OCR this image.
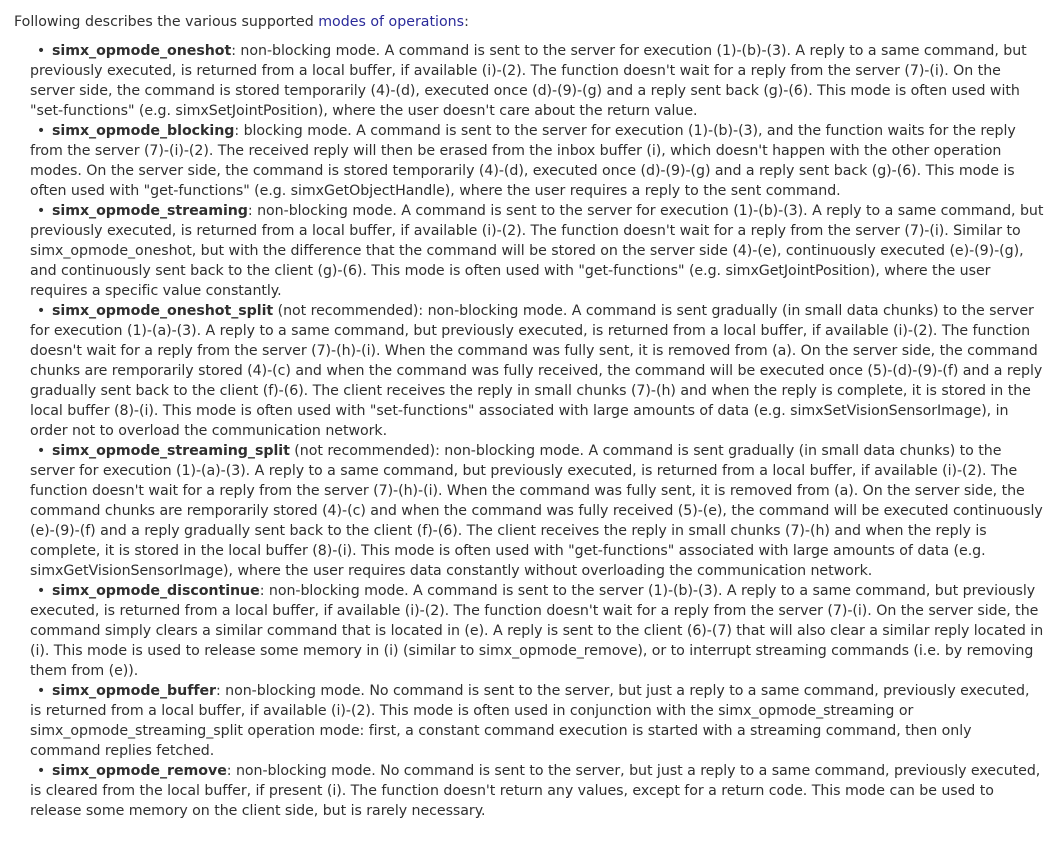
Following describes the various supported modes of operations:

• simx_opmode_oneshot: non-blocking mode. A command is sent to the server for execution (1)-(b)-(3). A reply to a same command, but previously executed, is returned from a local buffer, if available (i)-(2). The function doesn't wait for a reply from the server (7)-(i). On the server side, the command is stored temporarily (4)-(d), executed once (d)-(9)-(g) and a reply sent back (g)-(6). This mode is often used with "set-functions" (e.g. simxSetJointPosition), where the user doesn't care about the return value.
• simx_opmode_blocking: blocking mode. A command is sent to the server for execution (1)-(b)-(3), and the function waits for the reply from the server (7)-(i)-(2). The received reply will then be erased from the inbox buffer (i), which doesn't happen with the other operation modes. On the server side, the command is stored temporarily (4)-(d), executed once (d)-(9)-(g) and a reply sent back (g)-(6). This mode is often used with "get-functions" (e.g. simxGetObjectHandle), where the user requires a reply to the sent command.
• simx_opmode_streaming: non-blocking mode. A command is sent to the server for execution (1)-(b)-(3). A reply to a same command, but previously executed, is returned from a local buffer, if available (i)-(2). The function doesn't wait for a reply from the server (7)-(i). Similar to simx_opmode_oneshot, but with the difference that the command will be stored on the server side (4)-(e), continuously executed (e)-(9)-(g), and continuously sent back to the client (g)-(6). This mode is often used with "get-functions" (e.g. simxGetJointPosition), where the user requires a specific value constantly.
• simx_opmode_oneshot_split (not recommended): non-blocking mode. A command is sent gradually (in small data chunks) to the server for execution (1)-(a)-(3). A reply to a same command, but previously executed, is returned from a local buffer, if available (i)-(2). The function doesn't wait for a reply from the server (7)-(h)-(i). When the command was fully sent, it is removed from (a). On the server side, the command chunks are remporarily stored (4)-(c) and when the command was fully received, the command will be executed once (5)-(d)-(9)-(f) and a reply gradually sent back to the client (f)-(6). The client receives the reply in small chunks (7)-(h) and when the reply is complete, it is stored in the local buffer (8)-(i). This mode is often used with "set-functions" associated with large amounts of data (e.g. simxSetVisionSensorImage), in order not to overload the communication network.
• simx_opmode_streaming_split (not recommended): non-blocking mode. A command is sent gradually (in small data chunks) to the server for execution (1)-(a)-(3). A reply to a same command, but previously executed, is returned from a local buffer, if available (i)-(2). The function doesn't wait for a reply from the server (7)-(h)-(i). When the command was fully sent, it is removed from (a). On the server side, the command chunks are remporarily stored (4)-(c) and when the command was fully received (5)-(e), the command will be executed continuously (e)-(9)-(f) and a reply gradually sent back to the client (f)-(6). The client receives the reply in small chunks (7)-(h) and when the reply is complete, it is stored in the local buffer (8)-(i). This mode is often used with "get-functions" associated with large amounts of data (e.g. simxGetVisionSensorImage), where the user requires data constantly without overloading the communication network.
• simx_opmode_discontinue: non-blocking mode. A command is sent to the server (1)-(b)-(3). A reply to a same command, but previously executed, is returned from a local buffer, if available (i)-(2). The function doesn't wait for a reply from the server (7)-(i). On the server side, the command simply clears a similar command that is located in (e). A reply is sent to the client (6)-(7) that will also clear a similar reply located in (i). This mode is used to release some memory in (i) (similar to simx_opmode_remove), or to interrupt streaming commands (i.e. by removing them from (e)).
• simx_opmode_buffer: non-blocking mode. No command is sent to the server, but just a reply to a same command, previously executed, is returned from a local buffer, if available (i)-(2). This mode is often used in conjunction with the simx_opmode_streaming or simx_opmode_streaming_split operation mode: first, a constant command execution is started with a streaming command, then only command replies fetched.
• simx_opmode_remove: non-blocking mode. No command is sent to the server, but just a reply to a same command, previously executed, is cleared from the local buffer, if present (i). The function doesn't return any values, except for a return code. This mode can be used to release some memory on the client side, but is rarely necessary.
